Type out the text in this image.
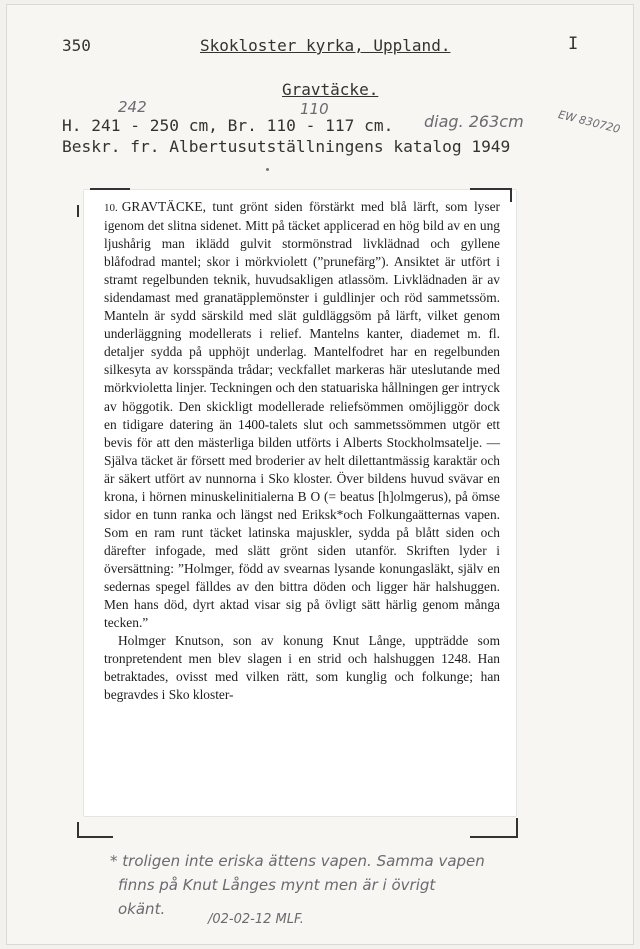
350	Skokloster kyrka, Uppland.	I
Gravtäcke.
242	110
H. 241 - 250 cm, Br. 110 - 117 cm. diag. 263cm	EW 830720
Beskr. fr. Albertusutställningens katalog 1949

10. GRAVTÄCKE, tunt grönt siden förstärkt med blå lärft, som lyser igenom det slitna sidenet. Mitt på täcket applicerad en hög bild av en ung ljushårig man iklädd gulvit stormönstrad livklädnad och gyllene blåfodrad mantel; skor i mörkviolett (”prunefärg”). Ansiktet är utfört i stramt regelbunden teknik, huvudsakligen atlassöm. Livklädnaden är av sidendamast med granatäpplemönster i guldlinjer och röd sammetssöm. Manteln är sydd särskild med slät guldläggsöm på lärft, vilket genom underläggning modellerats i relief. Mantelns kanter, diademet m. fl. detaljer sydda på upphöjt underlag. Mantelfodret har en regelbunden silkesyta av korsspända trådar; veckfallet markeras här uteslutande med mörkvioletta linjer. Teckningen och den statuariska hållningen ger intryck av höggotik. Den skickligt modellerade reliefsömmen omöjliggör dock en tidigare datering än 1400-talets slut och sammetssömmen utgör ett bevis för att den mästerliga bilden utförts i Alberts Stockholmsatelje. — Själva täcket är försett med broderier av helt dilettantmässig karaktär och är säkert utfört av nunnorna i Sko kloster. Över bildens huvud svävar en krona, i hörnen minuskelinitialerna B O (= beatus [h]olmgerus), på ömse sidor en tunn ranka och längst ned Eriksk*och Folkungaätternas vapen. Som en ram runt täcket latinska majuskler, sydda på blått siden och därefter infogade, med slätt grönt siden utanför. Skriften lyder i översättning: ”Holmger, född av svearnas lysande konungasläkt, själv en sedernas spegel fälldes av den bittra döden och ligger här halshuggen. Men hans död, dyrt aktad visar sig på övligt sätt härlig genom många tecken.”

Holmger Knutson, son av konung Knut Långe, uppträdde som tronpretendent men blev slagen i en strid och halshuggen 1248. Han betraktades, ovisst med vilken rätt, som kunglig och folkunge; han begravdes i Sko kloster-

* troligen inte eriska ättens vapen. Samma vapen
finns på Knut Långes mynt men är i övrigt
okänt.
/02-02-12 MLF.
